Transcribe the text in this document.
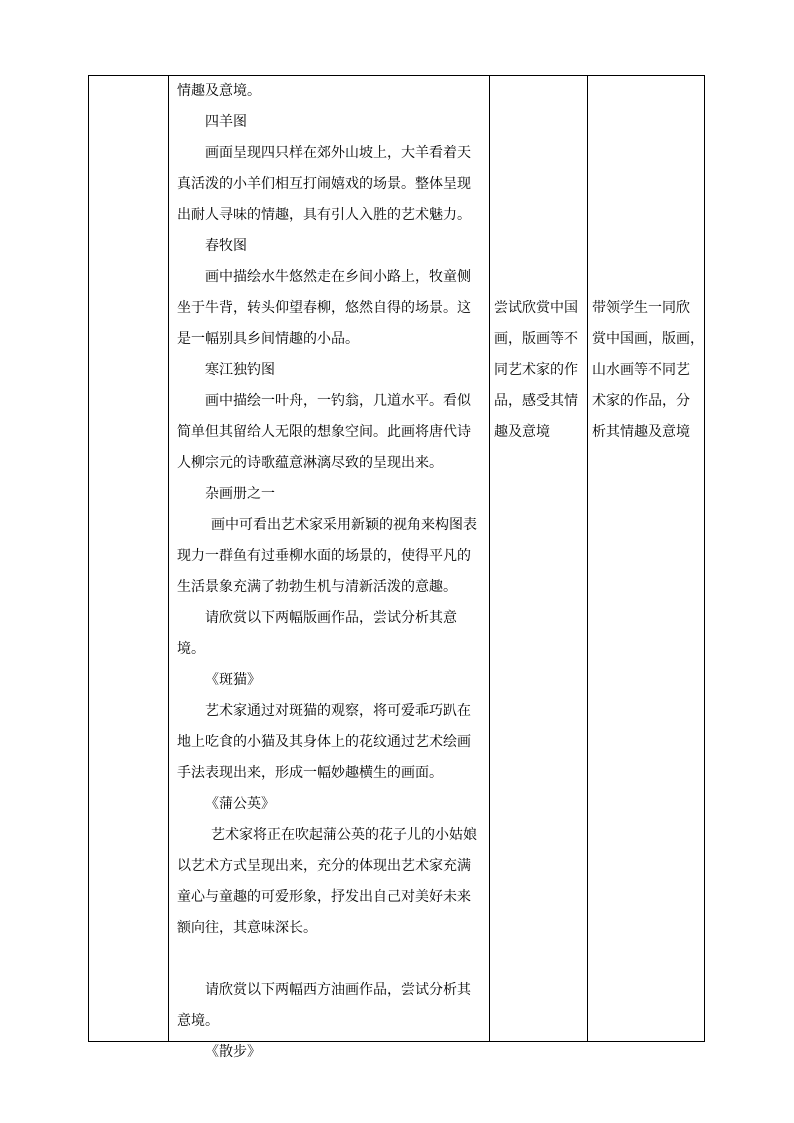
情趣及意境。

四羊图

画面呈现四只样在郊外山坡上，大羊看着天真活泼的小羊们相互打闹嬉戏的场景。整体呈现出耐人寻味的情趣，具有引人入胜的艺术魅力。

春牧图

画中描绘水牛悠然走在乡间小路上，牧童侧坐于牛背，转头仰望春柳，悠然自得的场景。这是一幅别具乡间情趣的小品。

寒江独钓图

画中描绘一叶舟，一钓翁，几道水平。看似简单但其留给人无限的想象空间。此画将唐代诗人柳宗元的诗歌蕴意淋漓尽致的呈现出来。

杂画册之一

画中可看出艺术家采用新颖的视角来构图表现力一群鱼有过垂柳水面的场景的，使得平凡的生活景象充满了勃勃生机与清新活泼的意趣。

请欣赏以下两幅版画作品，尝试分析其意境。

《斑猫》

艺术家通过对斑猫的观察，将可爱乖巧趴在地上吃食的小猫及其身体上的花纹通过艺术绘画手法表现出来，形成一幅妙趣横生的画面。

《蒲公英》

艺术家将正在吹起蒲公英的花子儿的小姑娘以艺术方式呈现出来，充分的体现出艺术家充满童心与童趣的可爱形象，抒发出自己对美好未来额向往，其意味深长。

请欣赏以下两幅西方油画作品，尝试分析其意境。

《散步》

尝试欣赏中国
画，版画等不
同艺术家的作
品，感受其情
趣及意境
带领学生一同欣
赏中国画，版画，
山水画等不同艺
术家的作品，分
析其情趣及意境
